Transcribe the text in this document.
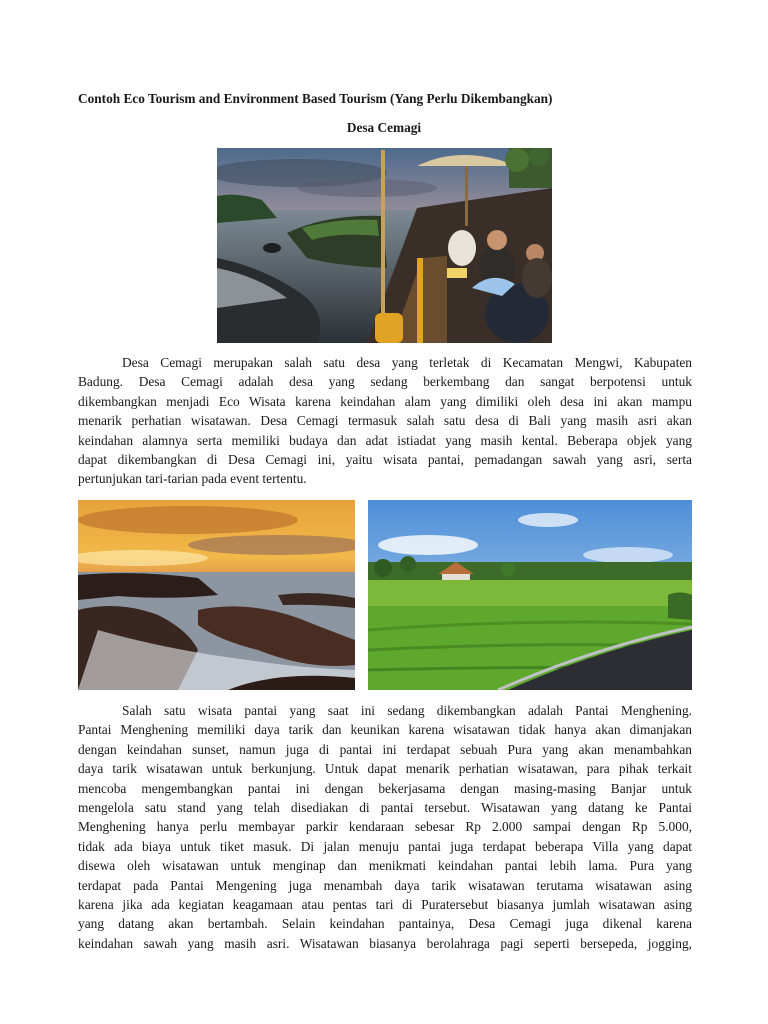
Contoh Eco Tourism and Environment Based Tourism (Yang Perlu Dikembangkan)
Desa Cemagi
Desa Cemagi merupakan salah satu desa yang terletak di Kecamatan Mengwi, Kabupaten
Badung. Desa Cemagi adalah desa yang sedang berkembang dan sangat berpotensi untuk
dikembangkan menjadi Eco Wisata karena keindahan alam yang dimiliki oleh desa ini akan mampu
menarik perhatian wisatawan. Desa Cemagi termasuk salah satu desa di Bali yang masih asri akan
keindahan alamnya serta memiliki budaya dan adat istiadat yang masih kental. Beberapa objek yang
dapat dikembangkan di Desa Cemagi ini, yaitu wisata pantai, pemadangan sawah yang asri, serta
pertunjukan tari-tarian pada event tertentu.
Salah satu wisata pantai yang saat ini sedang dikembangkan adalah Pantai Menghening.
Pantai Menghening memiliki daya tarik dan keunikan karena wisatawan tidak hanya akan dimanjakan
dengan keindahan sunset, namun juga di pantai ini terdapat sebuah Pura yang akan menambahkan
daya tarik wisatawan untuk berkunjung. Untuk dapat menarik perhatian wisatawan, para pihak terkait
mencoba mengembangkan pantai ini dengan bekerjasama dengan masing-masing Banjar untuk
mengelola satu stand yang telah disediakan di pantai tersebut. Wisatawan yang datang ke Pantai
Menghening hanya perlu membayar parkir kendaraan sebesar Rp 2.000 sampai dengan Rp 5.000,
tidak ada biaya untuk tiket masuk. Di jalan menuju pantai juga terdapat beberapa Villa yang dapat
disewa oleh wisatawan untuk menginap dan menikmati keindahan pantai lebih lama. Pura yang
terdapat pada Pantai Mengening juga menambah daya tarik wisatawan terutama wisatawan asing
karena jika ada kegiatan keagamaan atau pentas tari di Puratersebut biasanya jumlah wisatawan asing
yang datang akan bertambah. Selain keindahan pantainya, Desa Cemagi juga dikenal karena
keindahan sawah yang masih asri. Wisatawan biasanya berolahraga pagi seperti bersepeda, jogging,
